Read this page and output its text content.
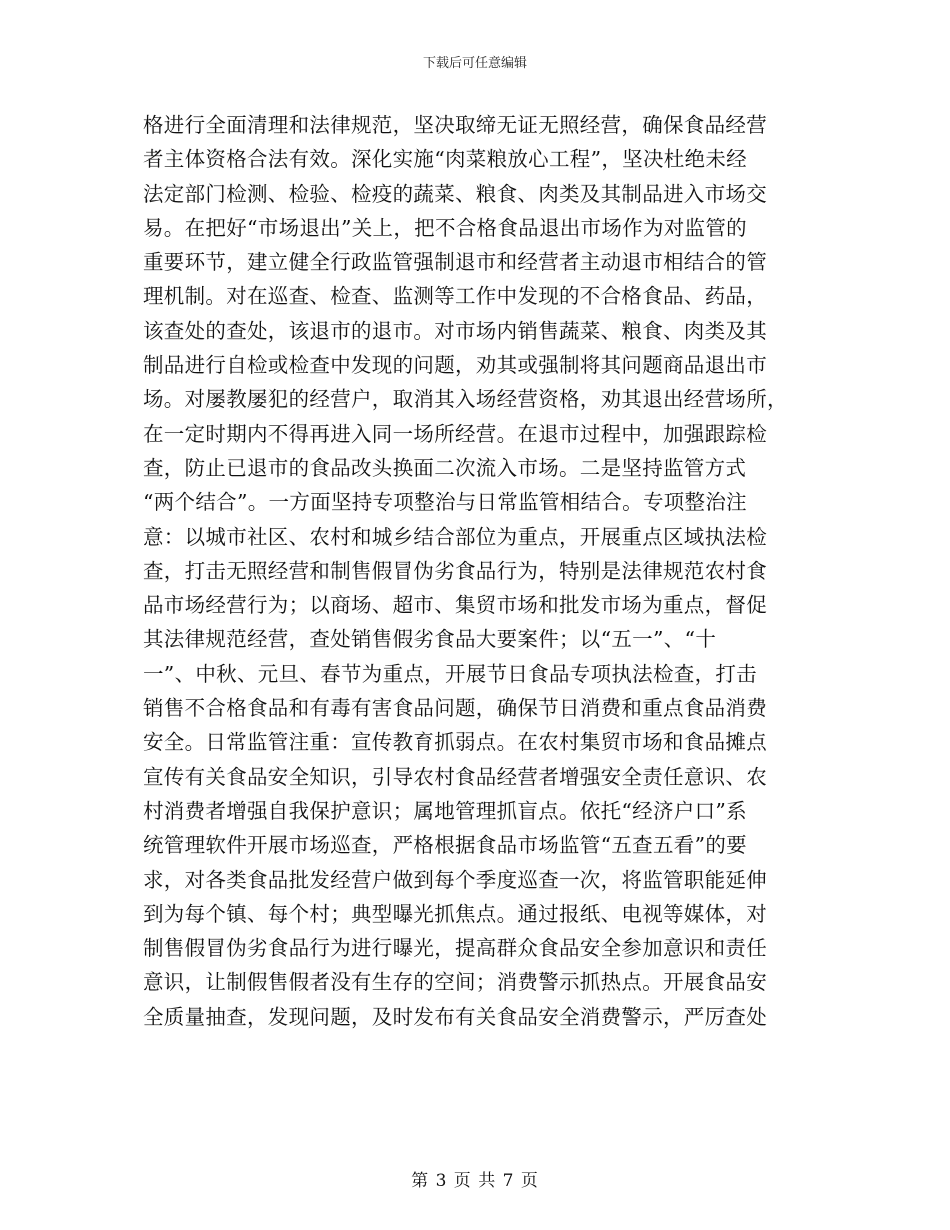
下载后可任意编辑
格进行全面清理和法律规范，坚决取缔无证无照经营，确保食品经营
者主体资格合法有效。深化实施“肉菜粮放心工程”，坚决杜绝未经
法定部门检测、检验、检疫的蔬菜、粮食、肉类及其制品进入市场交
易。在把好“市场退出”关上，把不合格食品退出市场作为对监管的
重要环节，建立健全行政监管强制退市和经营者主动退市相结合的管
理机制。对在巡查、检查、监测等工作中发现的不合格食品、药品，
该查处的查处，该退市的退市。对市场内销售蔬菜、粮食、肉类及其
制品进行自检或检查中发现的问题，劝其或强制将其问题商品退出市
场。对屡教屡犯的经营户，取消其入场经营资格，劝其退出经营场所，
在一定时期内不得再进入同一场所经营。在退市过程中，加强跟踪检
查，防止已退市的食品改头换面二次流入市场。二是坚持监管方式
“两个结合”。一方面坚持专项整治与日常监管相结合。专项整治注
意：以城市社区、农村和城乡结合部位为重点，开展重点区域执法检
查，打击无照经营和制售假冒伪劣食品行为，特别是法律规范农村食
品市场经营行为；以商场、超市、集贸市场和批发市场为重点，督促
其法律规范经营，查处销售假劣食品大要案件；以“五一”、“十
一”、中秋、元旦、春节为重点，开展节日食品专项执法检查，打击
销售不合格食品和有毒有害食品问题，确保节日消费和重点食品消费
安全。日常监管注重：宣传教育抓弱点。在农村集贸市场和食品摊点
宣传有关食品安全知识，引导农村食品经营者增强安全责任意识、农
村消费者增强自我保护意识；属地管理抓盲点。依托“经济户口”系
统管理软件开展市场巡查，严格根据食品市场监管“五查五看”的要
求，对各类食品批发经营户做到每个季度巡查一次，将监管职能延伸
到为每个镇、每个村；典型曝光抓焦点。通过报纸、电视等媒体，对
制售假冒伪劣食品行为进行曝光，提高群众食品安全参加意识和责任
意识，让制假售假者没有生存的空间；消费警示抓热点。开展食品安
全质量抽查，发现问题，及时发布有关食品安全消费警示，严厉查处
第 3 页 共 7 页
